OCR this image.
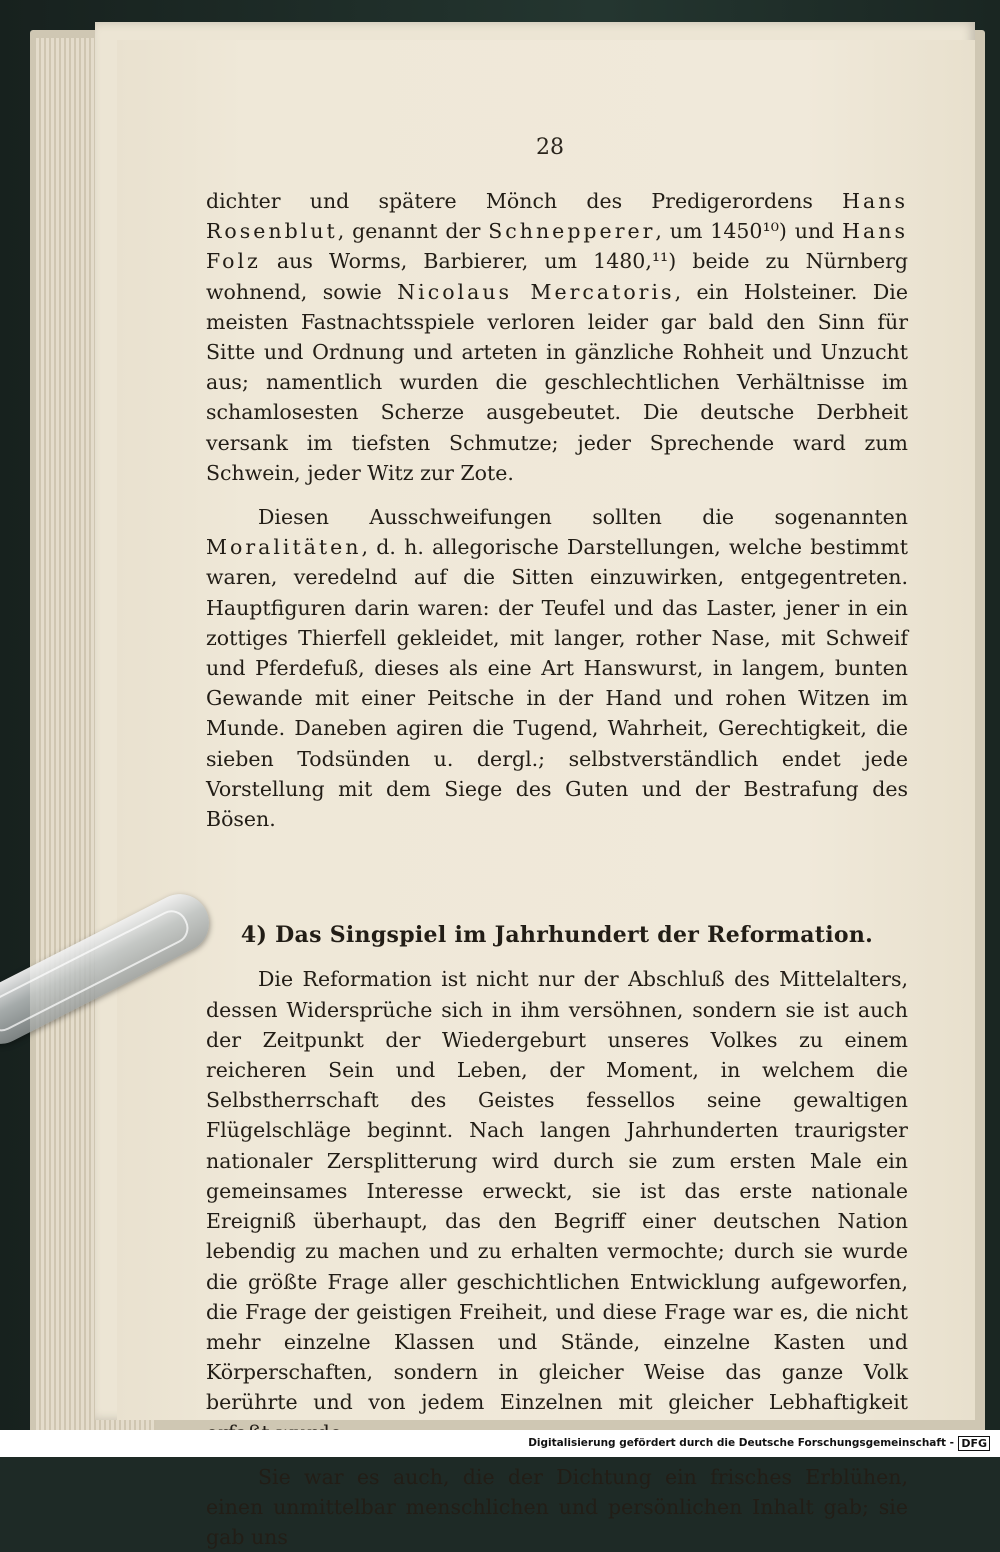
28

dichter und spätere Mönch des Predigerordens Hans Rosenblut, genannt der Schnepperer, um 1450¹⁰) und Hans Folz aus Worms, Barbierer, um 1480,¹¹) beide zu Nürnberg wohnend, sowie Nicolaus Mercatoris, ein Holsteiner. Die meisten Fastnachtsspiele verloren leider gar bald den Sinn für Sitte und Ordnung und arteten in gänzliche Rohheit und Unzucht aus; namentlich wurden die geschlechtlichen Verhältnisse im schamlosesten Scherze ausgebeutet. Die deutsche Derbheit versank im tiefsten Schmutze; jeder Sprechende ward zum Schwein, jeder Witz zur Zote.

Diesen Ausschweifungen sollten die sogenannten Moralitäten, d. h. allegorische Darstellungen, welche bestimmt waren, veredelnd auf die Sitten einzuwirken, entgegentreten. Hauptfiguren darin waren: der Teufel und das Laster, jener in ein zottiges Thierfell gekleidet, mit langer, rother Nase, mit Schweif und Pferdefuß, dieses als eine Art Hanswurst, in langem, bunten Gewande mit einer Peitsche in der Hand und rohen Witzen im Munde. Daneben agiren die Tugend, Wahrheit, Gerechtigkeit, die sieben Todsünden u. dergl.; selbstverständlich endet jede Vorstellung mit dem Siege des Guten und der Bestrafung des Bösen.

4) Das Singspiel im Jahrhundert der Reformation.

Die Reformation ist nicht nur der Abschluß des Mittelalters, dessen Widersprüche sich in ihm versöhnen, sondern sie ist auch der Zeitpunkt der Wiedergeburt unseres Volkes zu einem reicheren Sein und Leben, der Moment, in welchem die Selbstherrschaft des Geistes fessellos seine gewaltigen Flügelschläge beginnt. Nach langen Jahrhunderten traurigster nationaler Zersplitterung wird durch sie zum ersten Male ein gemeinsames Interesse erweckt, sie ist das erste nationale Ereigniß überhaupt, das den Begriff einer deutschen Nation lebendig zu machen und zu erhalten vermochte; durch sie wurde die größte Frage aller geschichtlichen Entwicklung aufgeworfen, die Frage der geistigen Freiheit, und diese Frage war es, die nicht mehr einzelne Klassen und Stände, einzelne Kasten und Körperschaften, sondern in gleicher Weise das ganze Volk berührte und von jedem Einzelnen mit gleicher Lebhaftigkeit

Sie war es auch, die der Dichtung ein frisches Erblühen, einen unmittelbar menschlichen und persönlichen Inhalt gab; sie gab uns

Digitalisierung gefördert durch die Deutsche Forschungsgemeinschaft - DFG
